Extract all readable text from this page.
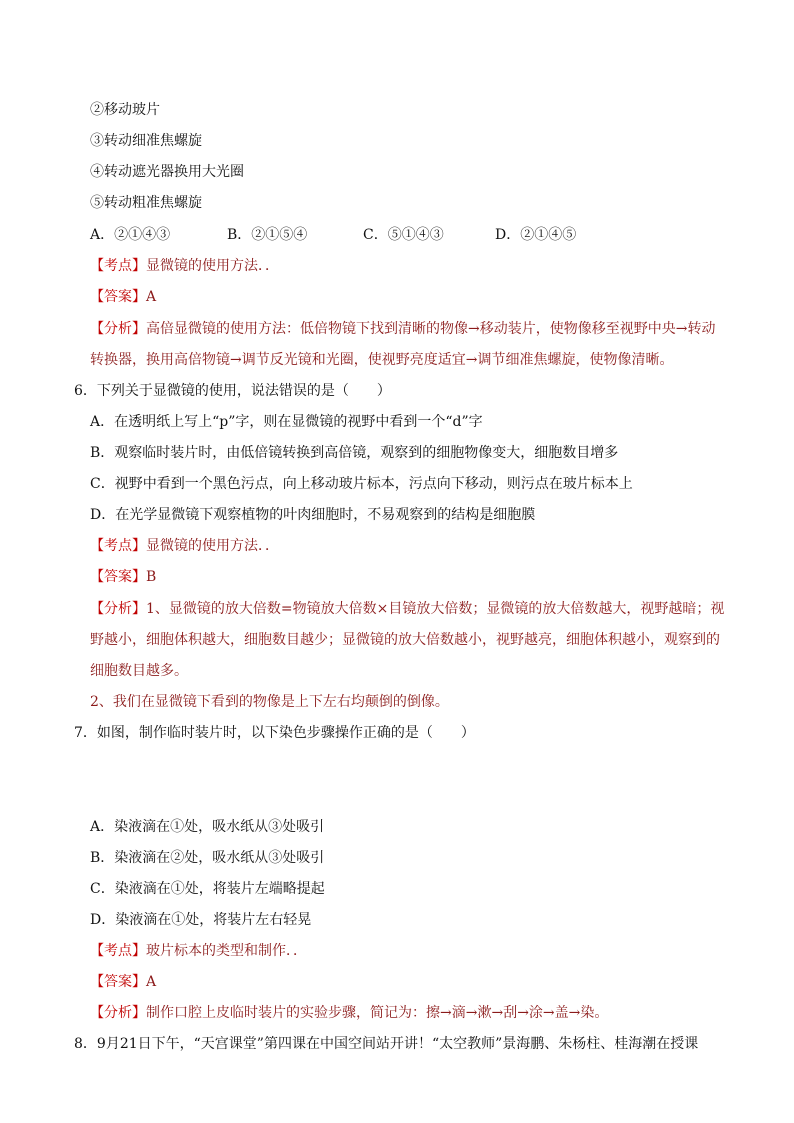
②移动玻片
③转动细准焦螺旋
④转动遮光器换用大光圈
⑤转动粗准焦螺旋
A．②①④③	B．②①⑤④	C．⑤①④③	D．②①④⑤
【考点】显微镜的使用方法．．
【答案】A
【分析】高倍显微镜的使用方法：低倍物镜下找到清晰的物像→移动装片，使物像移至视野中央→转动
转换器，换用高倍物镜→调节反光镜和光圈，使视野亮度适宜→调节细准焦螺旋，使物像清晰。
6．下列关于显微镜的使用，说法错误的是（　　）
A．在透明纸上写上“p”字，则在显微镜的视野中看到一个“d”字
B．观察临时装片时，由低倍镜转换到高倍镜，观察到的细胞物像变大，细胞数目增多
C．视野中看到一个黑色污点，向上移动玻片标本，污点向下移动，则污点在玻片标本上
D．在光学显微镜下观察植物的叶肉细胞时，不易观察到的结构是细胞膜
【考点】显微镜的使用方法．．
【答案】B
【分析】1、显微镜的放大倍数=物镜放大倍数×目镜放大倍数；显微镜的放大倍数越大，视野越暗；视
野越小，细胞体积越大，细胞数目越少；显微镜的放大倍数越小，视野越亮，细胞体积越小，观察到的
细胞数目越多。
2、我们在显微镜下看到的物像是上下左右均颠倒的倒像。
7．如图，制作临时装片时，以下染色步骤操作正确的是（　　）
A．染液滴在①处，吸水纸从③处吸引
B．染液滴在②处，吸水纸从③处吸引
C．染液滴在①处，将装片左端略提起
D．染液滴在①处，将装片左右轻晃
【考点】玻片标本的类型和制作．．
【答案】A
【分析】制作口腔上皮临时装片的实验步骤，简记为：擦→滴→漱→刮→涂→盖→染。
8．9月21日下午，“天宫课堂”第四课在中国空间站开讲！“太空教师”景海鹏、朱杨柱、桂海潮在授课
